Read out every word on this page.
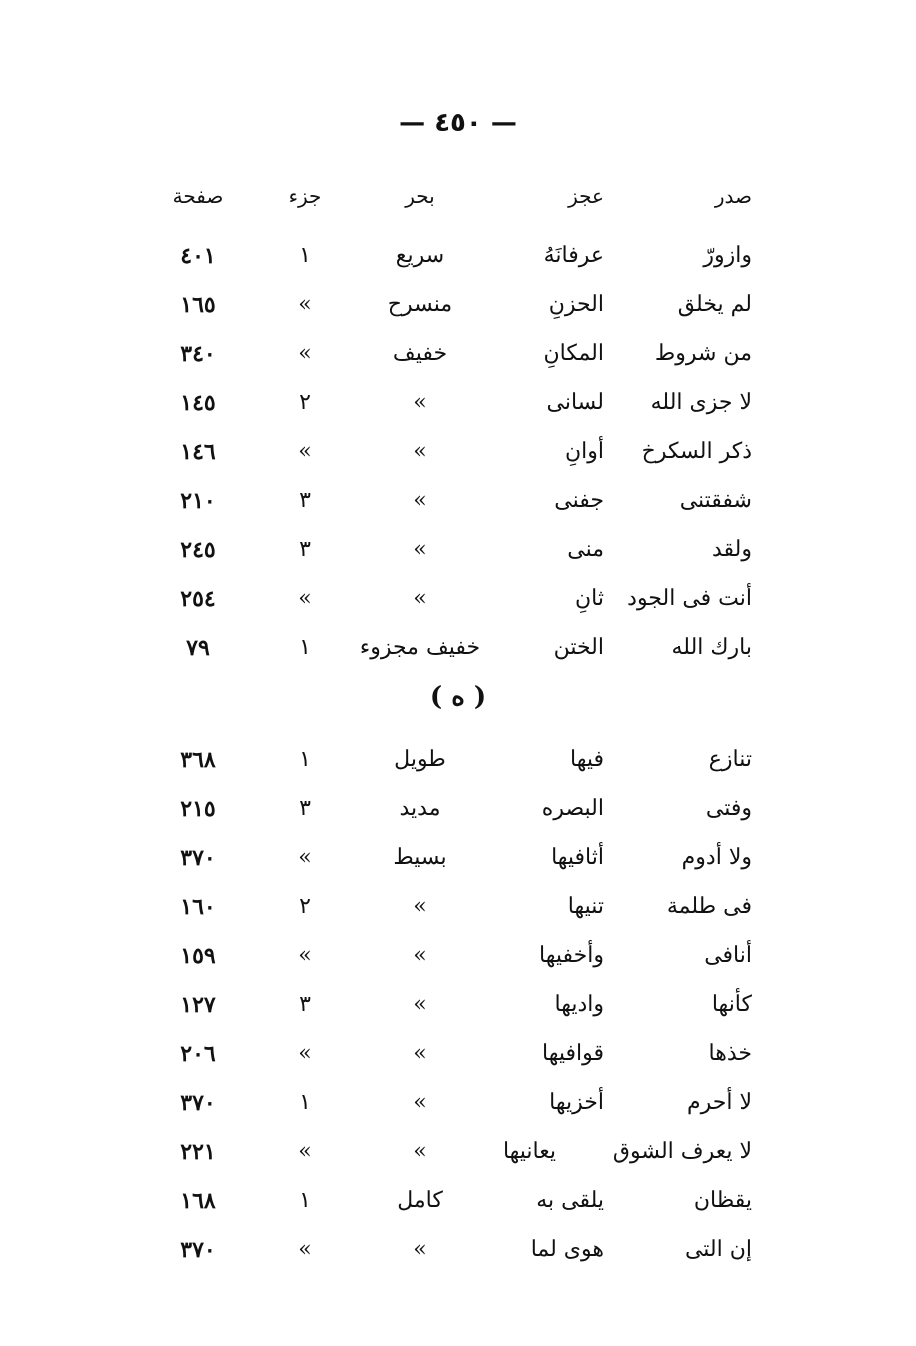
— ٤٥٠ —
صدر
عجز
بحر
جزء
صفحة
وازورّ
عرفانَهُ
سريع
١
٤٠١
لم يخلق
الحزنِ
منسرح
»
١٦٥
من شروط
المكانِ
خفيف
»
٣٤٠
لا جزى الله
لسانى
»
٢
١٤٥
ذكر السكرخ
أوانِ
»
»
١٤٦
شفقتنى
جفنى
»
٣
٢١٠
ولقد
منى
»
٣
٢٤٥
أنت فى الجود
ثانِ
»
»
٢٥٤
بارك الله
الختن
خفيف مجزوء
١
٧٩
( ه )
تنازع
فيها
طويل
١
٣٦٨
وفتى
البصره
مديد
٣
٢١٥
ولا أدوم
أثافيها
بسيط
»
٣٧٠
فى طلمة
تنيها
»
٢
١٦٠
أنافى
وأخفيها
»
»
١٥٩
كأنها
واديها
»
٣
١٢٧
خذها
قوافيها
»
»
٢٠٦
لا أحرم
أخزيها
»
١
٣٧٠
لا يعرف الشوق
يعانيها
»
»
٢٢١
يقظان
يلقى به
كامل
١
١٦٨
إن التى
هوى لما
»
»
٣٧٠
